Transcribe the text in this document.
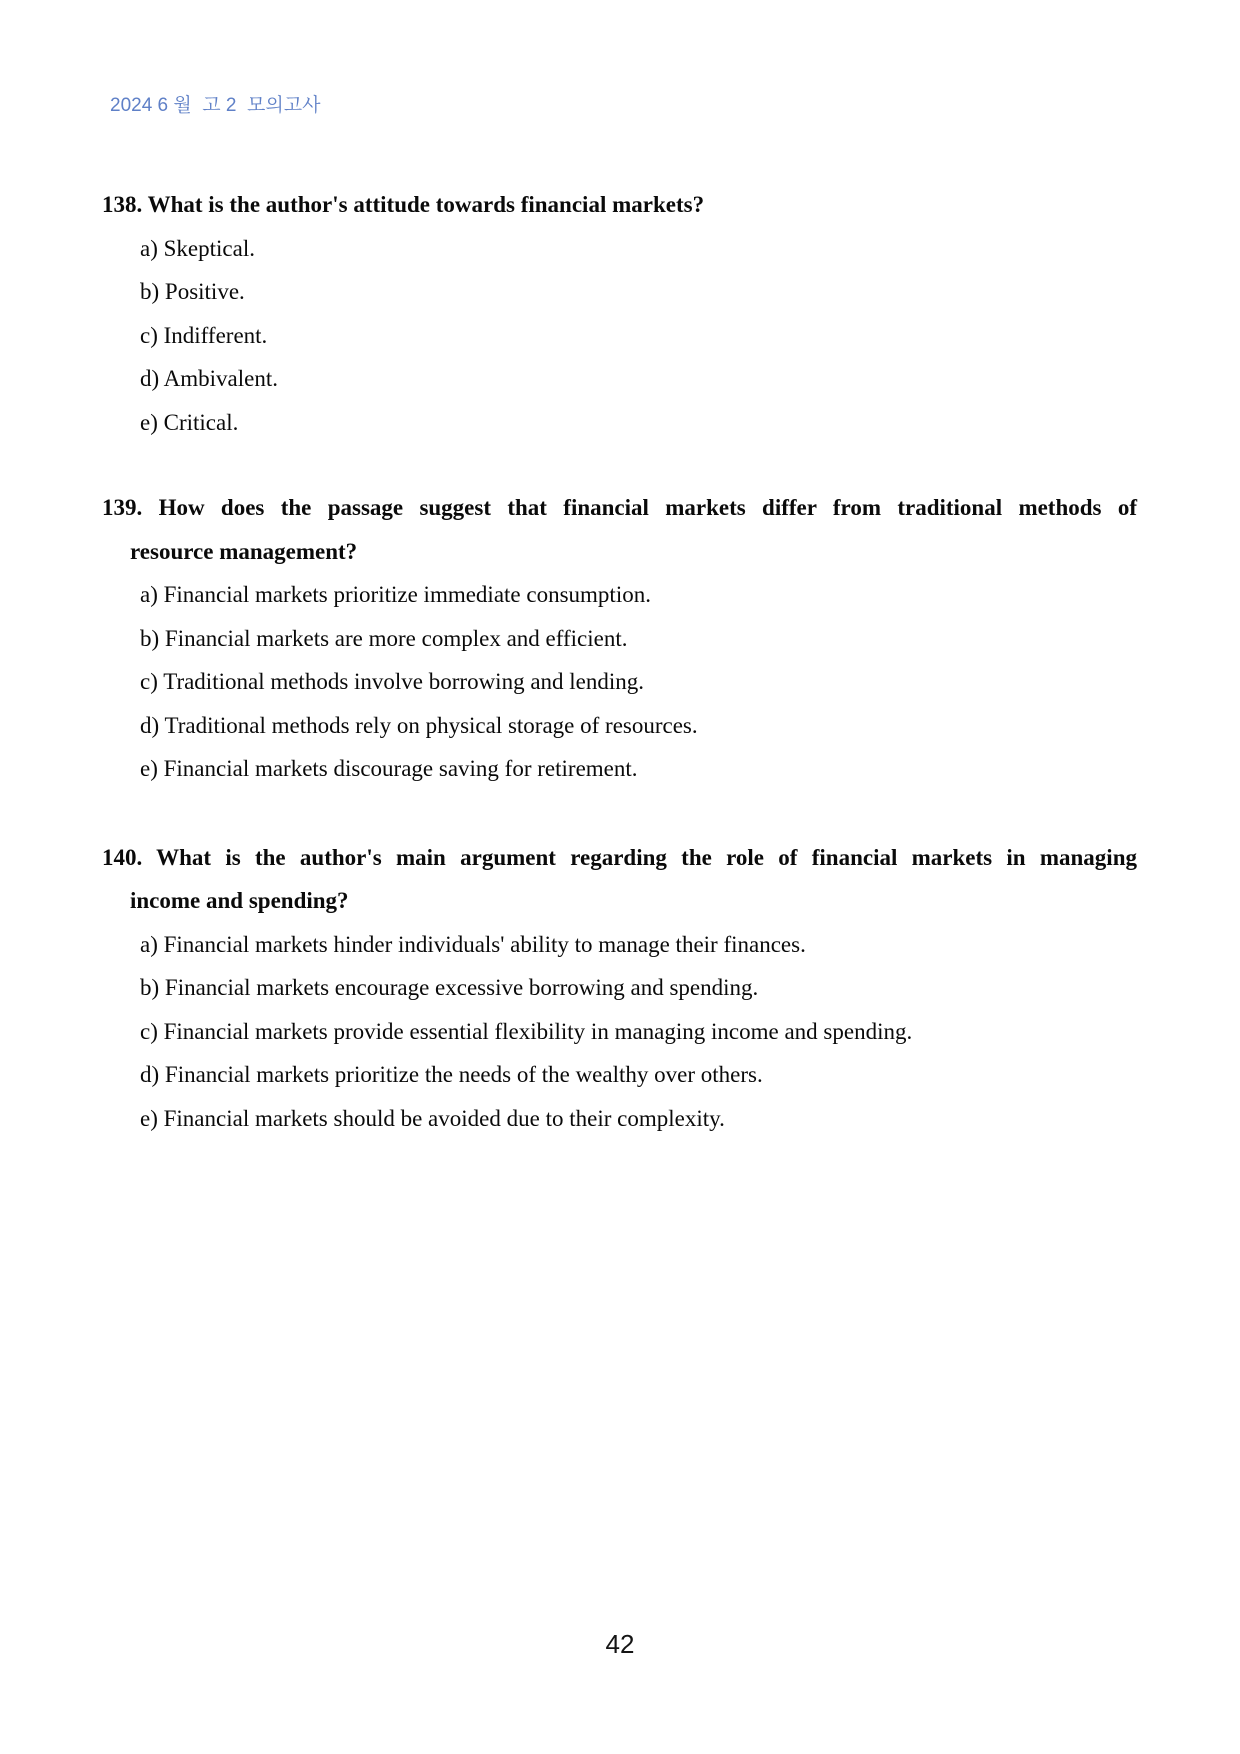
2024 6 월  고 2  모의고사
138. What is the author's attitude towards financial markets?
a) Skeptical.
b) Positive.
c) Indifferent.
d) Ambivalent.
e) Critical.
139. How does the passage suggest that financial markets differ from traditional methods of
resource management?
a) Financial markets prioritize immediate consumption.
b) Financial markets are more complex and efficient.
c) Traditional methods involve borrowing and lending.
d) Traditional methods rely on physical storage of resources.
e) Financial markets discourage saving for retirement.
140. What is the author's main argument regarding the role of financial markets in managing
income and spending?
a) Financial markets hinder individuals' ability to manage their finances.
b) Financial markets encourage excessive borrowing and spending.
c) Financial markets provide essential flexibility in managing income and spending.
d) Financial markets prioritize the needs of the wealthy over others.
e) Financial markets should be avoided due to their complexity.
42
